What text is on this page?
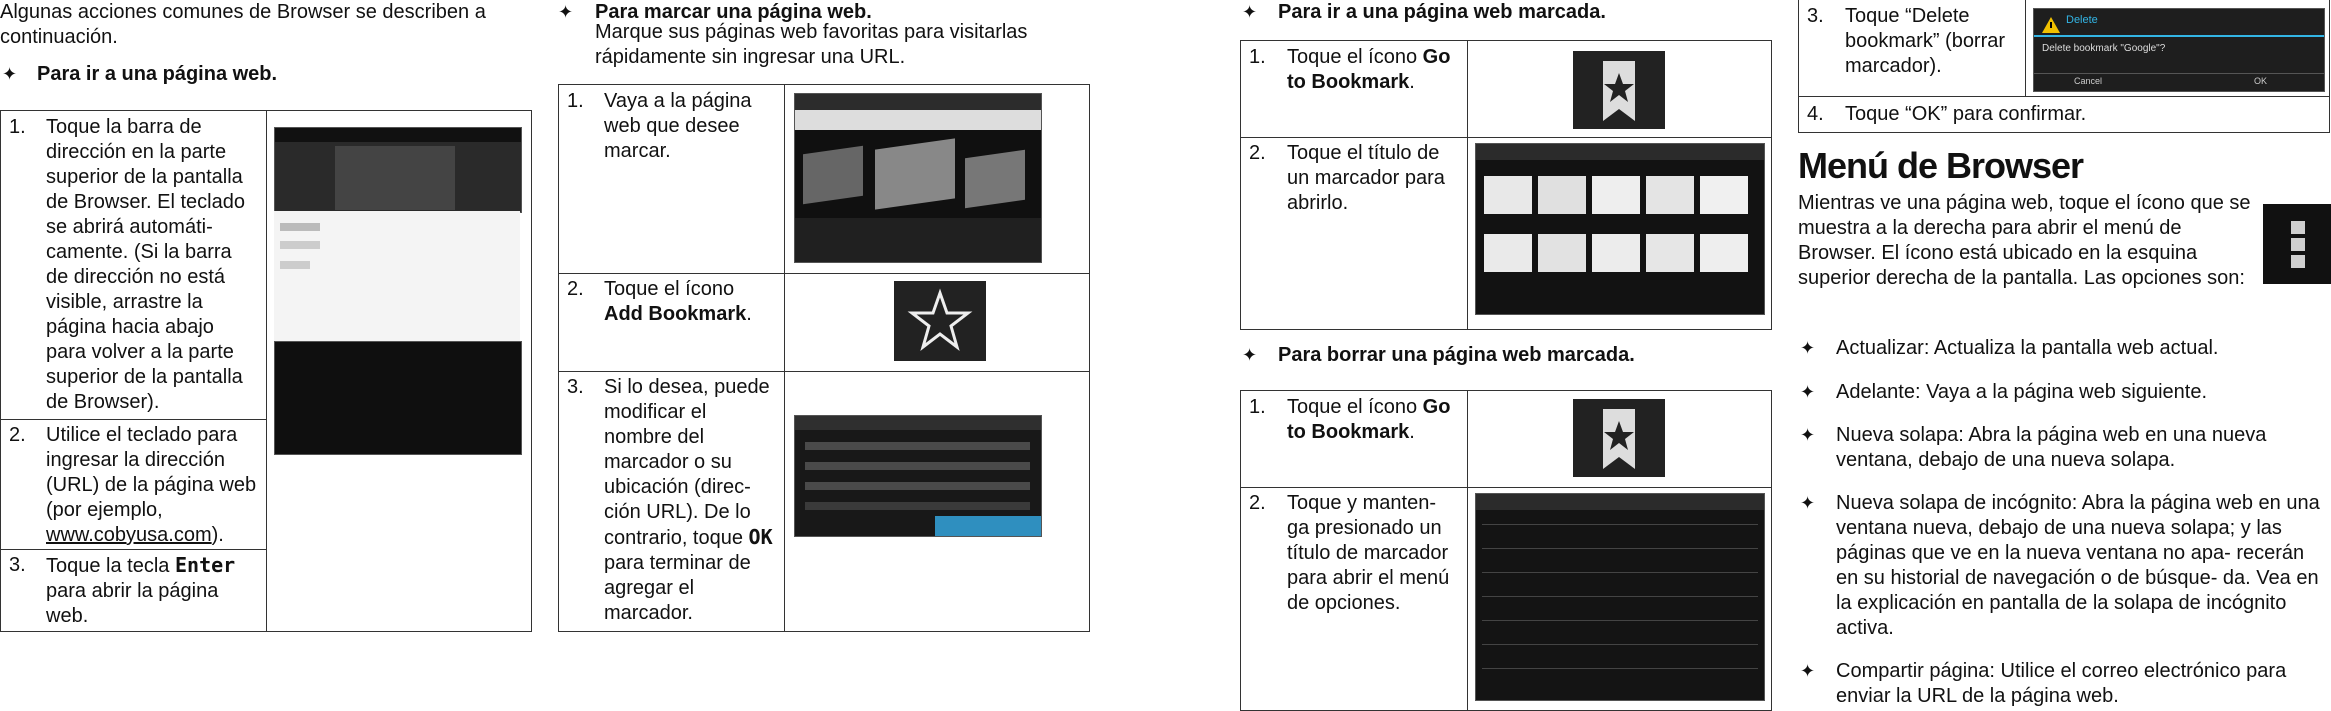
Algunas acciones comunes de Browser se describen a continuación.
✦ Para ir a una página web.
1. Toque la barra de dirección en la parte superior de la pantalla de Browser. El teclado se abrirá automáti- camente. (Si la barra de dirección no está visible, arrastre la página hacia abajo para volver a la parte superior de la pantalla de Browser).
2. Utilice el teclado para ingresar la dirección (URL) de la página web (por ejemplo, www.cobyusa.com).
3. Toque la tecla Enter para abrir la página web.
✦ Para marcar una página web.
Marque sus páginas web favoritas para visitarlas rápidamente sin ingresar una URL.
1. Vaya a la página web que desee marcar.
2. Toque el ícono Add Bookmark.
3. Si lo desea, puede modificar el nombre del marcador o su ubicación (direc- ción URL). De lo contrario, toque OK para terminar de agregar el marcador.
✦ Para ir a una página web marcada.
1. Toque el ícono Go to Bookmark.
2. Toque el título de un marcador para abrirlo.
✦ Para borrar una página web marcada.
1. Toque el ícono Go to Bookmark.
2. Toque y manten- ga presionado un título de marcador para abrir el menú de opciones.
3. Toque “Delete bookmark” (borrar marcador).
4. Toque “OK” para confirmar.
Delete
Delete bookmark "Google"?
Cancel	OK
Menú de Browser
Mientras ve una página web, toque el ícono que se muestra a la derecha para abrir el menú de Browser. El ícono está ubicado en la esquina superior derecha de la pantalla. Las opciones son:
✦ Actualizar: Actualiza la pantalla web actual.
✦ Adelante: Vaya a la página web siguiente.
✦ Nueva solapa: Abra la página web en una nueva ventana, debajo de una nueva solapa.
✦ Nueva solapa de incógnito: Abra la página web en una ventana nueva, debajo de una nueva solapa; y las páginas que ve en la nueva ventana no apa- recerán en su historial de navegación o de búsque- da. Vea en la explicación en pantalla de la solapa de incógnito activa.
✦ Compartir página: Utilice el correo electrónico para enviar la URL de la página web.
